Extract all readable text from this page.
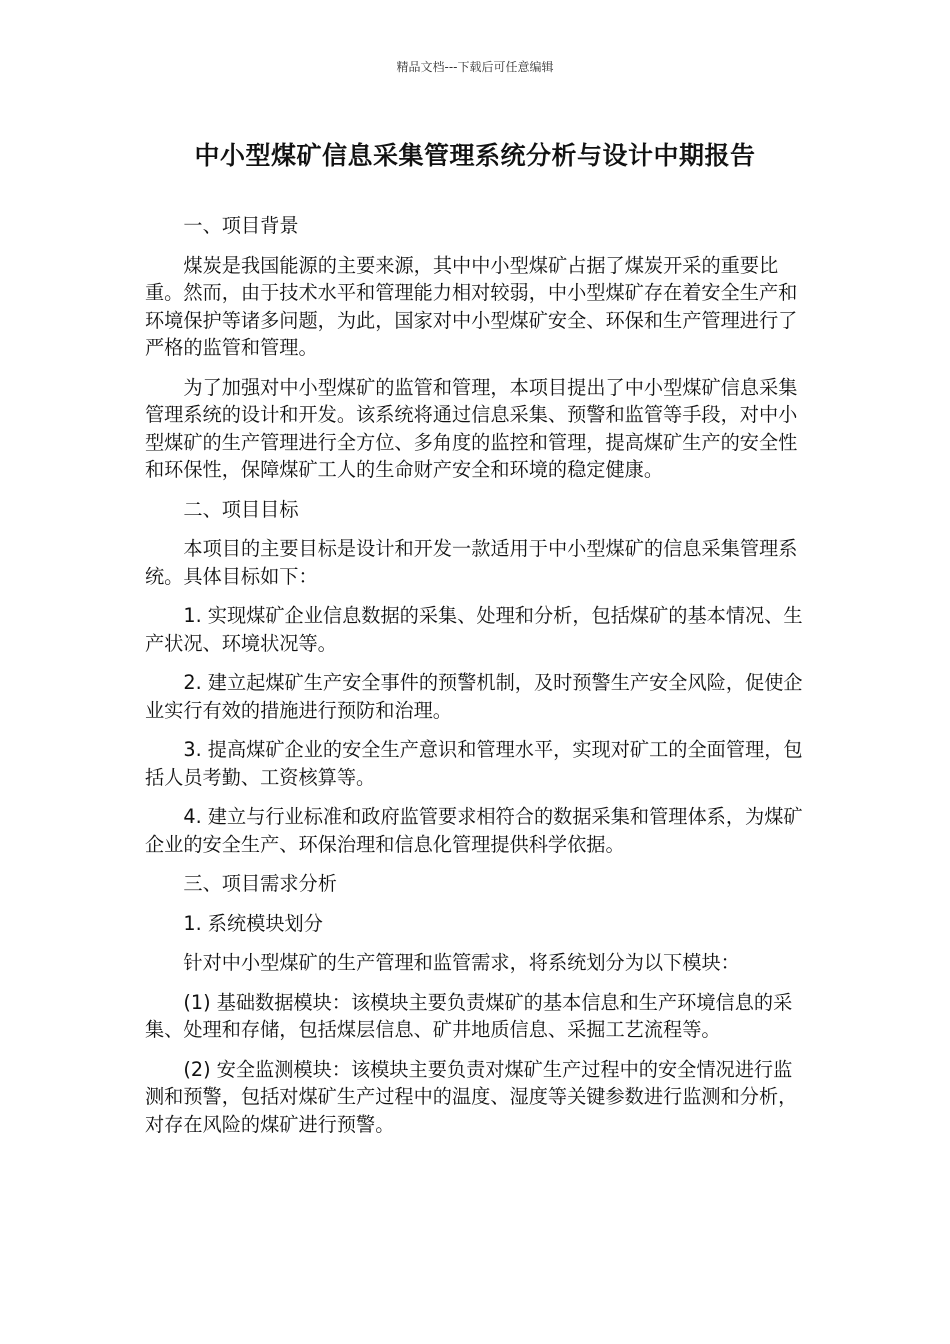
精品文档---下载后可任意编辑
中小型煤矿信息采集管理系统分析与设计中期报告

一、项目背景

煤炭是我国能源的主要来源，其中中小型煤矿占据了煤炭开采的重要比重。然而，由于技术水平和管理能力相对较弱，中小型煤矿存在着安全生产和环境保护等诸多问题，为此，国家对中小型煤矿安全、环保和生产管理进行了严格的监管和管理。

为了加强对中小型煤矿的监管和管理，本项目提出了中小型煤矿信息采集管理系统的设计和开发。该系统将通过信息采集、预警和监管等手段，对中小型煤矿的生产管理进行全方位、多角度的监控和管理，提高煤矿生产的安全性和环保性，保障煤矿工人的生命财产安全和环境的稳定健康。

二、项目目标

本项目的主要目标是设计和开发一款适用于中小型煤矿的信息采集管理系统。具体目标如下：

1. 实现煤矿企业信息数据的采集、处理和分析，包括煤矿的基本情况、生产状况、环境状况等。

2. 建立起煤矿生产安全事件的预警机制，及时预警生产安全风险，促使企业实行有效的措施进行预防和治理。

3. 提高煤矿企业的安全生产意识和管理水平，实现对矿工的全面管理，包括人员考勤、工资核算等。

4. 建立与行业标准和政府监管要求相符合的数据采集和管理体系，为煤矿企业的安全生产、环保治理和信息化管理提供科学依据。

三、项目需求分析

1. 系统模块划分

针对中小型煤矿的生产管理和监管需求，将系统划分为以下模块：

(1) 基础数据模块：该模块主要负责煤矿的基本信息和生产环境信息的采集、处理和存储，包括煤层信息、矿井地质信息、采掘工艺流程等。

(2) 安全监测模块：该模块主要负责对煤矿生产过程中的安全情况进行监测和预警，包括对煤矿生产过程中的温度、湿度等关键参数进行监测和分析，对存在风险的煤矿进行预警。
